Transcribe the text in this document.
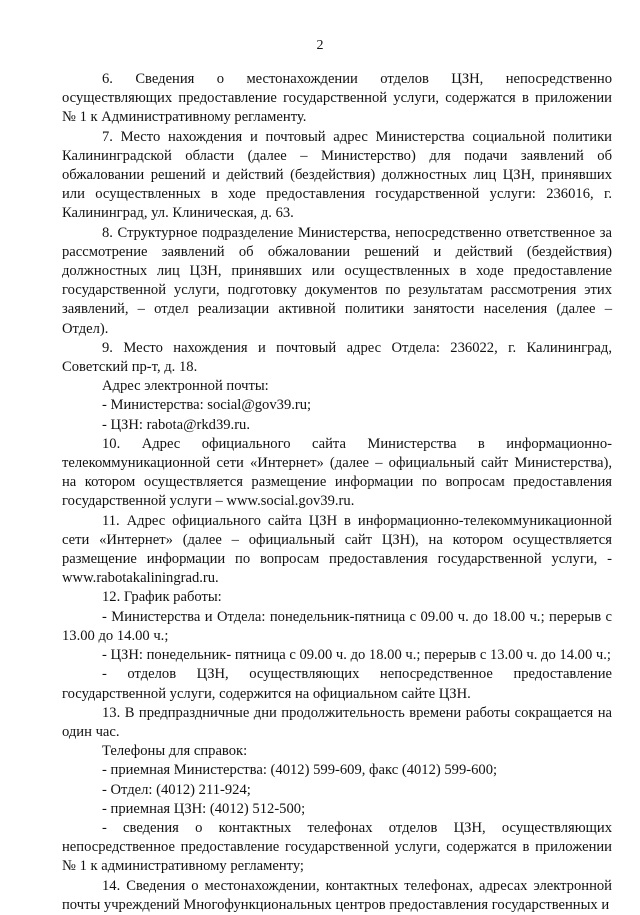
2

6. Сведения о местонахождении отделов ЦЗН, непосредственно осуществляющих предоставление государственной услуги, содержатся в приложении № 1 к Административному регламенту.

7. Место нахождения и почтовый адрес Министерства социальной политики Калининградской области (далее – Министерство) для подачи заявлений об обжаловании решений и действий (бездействия) должностных лиц ЦЗН, принявших или осуществленных в ходе предоставления государственной услуги: 236016, г. Калининград, ул. Клиническая, д. 63.

8. Структурное подразделение Министерства, непосредственно ответственное за рассмотрение заявлений об обжаловании решений и действий (бездействия) должностных лиц ЦЗН, принявших или осуществленных в ходе предоставление государственной услуги, подготовку документов по результатам рассмотрения этих заявлений, – отдел реализации активной политики занятости населения (далее – Отдел).

9. Место нахождения и почтовый адрес Отдела: 236022, г. Калининград, Советский пр-т, д. 18.

Адрес электронной почты:

- Министерства: social@gov39.ru;

- ЦЗН: rabota@rkd39.ru.

10. Адрес официального сайта Министерства в информационно-телекоммуникационной сети «Интернет» (далее – официальный сайт Министерства), на котором осуществляется размещение информации по вопросам предоставления государственной услуги – www.social.gov39.ru.

11. Адрес официального сайта ЦЗН в информационно-телекоммуникационной сети «Интернет» (далее – официальный сайт ЦЗН), на котором осуществляется размещение информации по вопросам предоставления государственной услуги, - www.rabotakaliningrad.ru.

12. График работы:

- Министерства и Отдела: понедельник-пятница с 09.00 ч. до 18.00 ч.; перерыв с 13.00 до 14.00 ч.;

- ЦЗН: понедельник- пятница с 09.00 ч. до 18.00 ч.; перерыв с 13.00 ч. до 14.00 ч.;

- отделов ЦЗН, осуществляющих непосредственное предоставление государственной услуги, содержится на официальном сайте ЦЗН.

13. В предпраздничные дни продолжительность времени работы сокращается на один час.

Телефоны для справок:

- приемная Министерства: (4012) 599-609, факс (4012) 599-600;

- Отдел: (4012) 211-924;

- приемная ЦЗН: (4012) 512-500;

- сведения о контактных телефонах отделов ЦЗН, осуществляющих непосредственное предоставление государственной услуги, содержатся в приложении № 1 к административному регламенту;

14. Сведения о местонахождении, контактных телефонах, адресах электронной почты учреждений Многофункциональных центров предоставления государственных и
